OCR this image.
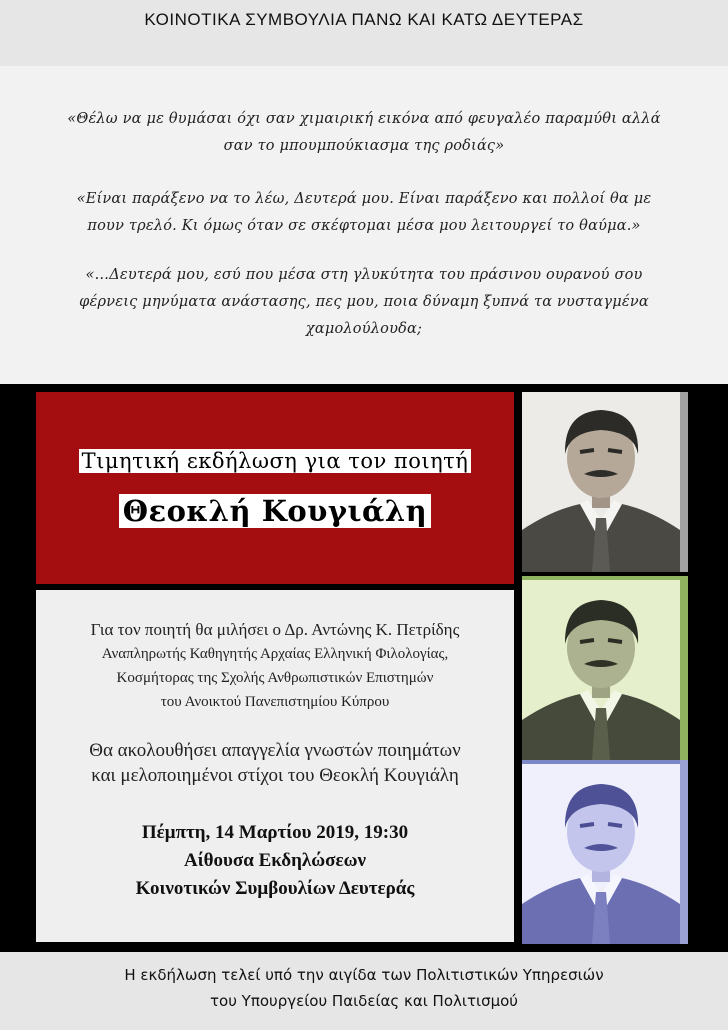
ΚΟΙΝΟΤΙΚΑ ΣΥΜΒΟΥΛΙΑ ΠΑΝΩ ΚΑΙ ΚΑΤΩ ΔΕΥΤΕΡΑΣ
«Θέλω να με θυμάσαι όχι σαν χιμαιρική εικόνα από φευγαλέο παραμύθι αλλά
σαν το μπουμπούκιασμα της ροδιάς»
«Είναι παράξενο να το λέω, Δευτερά μου. Είναι παράξενο και πολλοί θα με
πουν τρελό. Κι όμως όταν σε σκέφτομαι μέσα μου λειτουργεί το θαύμα.»
«…Δευτερά μου, εσύ που μέσα στη γλυκύτητα του πράσινου ουρανού σου
φέρνεις μηνύματα ανάστασης, πες μου, ποια δύναμη ξυπνά τα νυσταγμένα
χαμολούλουδα;
Τιμητική εκδήλωση για τον ποιητή
Θεοκλή Κουγιάλη
Για τον ποιητή θα μιλήσει ο Δρ. Αντώνης Κ. Πετρίδης
Αναπληρωτής Καθηγητής Αρχαίας Ελληνική Φιλολογίας,
Κοσμήτορας της Σχολής Ανθρωπιστικών Επιστημών
του Ανοικτού Πανεπιστημίου Κύπρου
Θα ακολουθήσει απαγγελία γνωστών ποιημάτων
και μελοποιημένοι στίχοι του Θεοκλή Κουγιάλη
Πέμπτη, 14 Μαρτίου 2019, 19:30
Αίθουσα Εκδηλώσεων
Κοινοτικών Συμβουλίων Δευτεράς
Η εκδήλωση τελεί υπό την αιγίδα των Πολιτιστικών Υπηρεσιών
του Υπουργείου Παιδείας και Πολιτισμού
